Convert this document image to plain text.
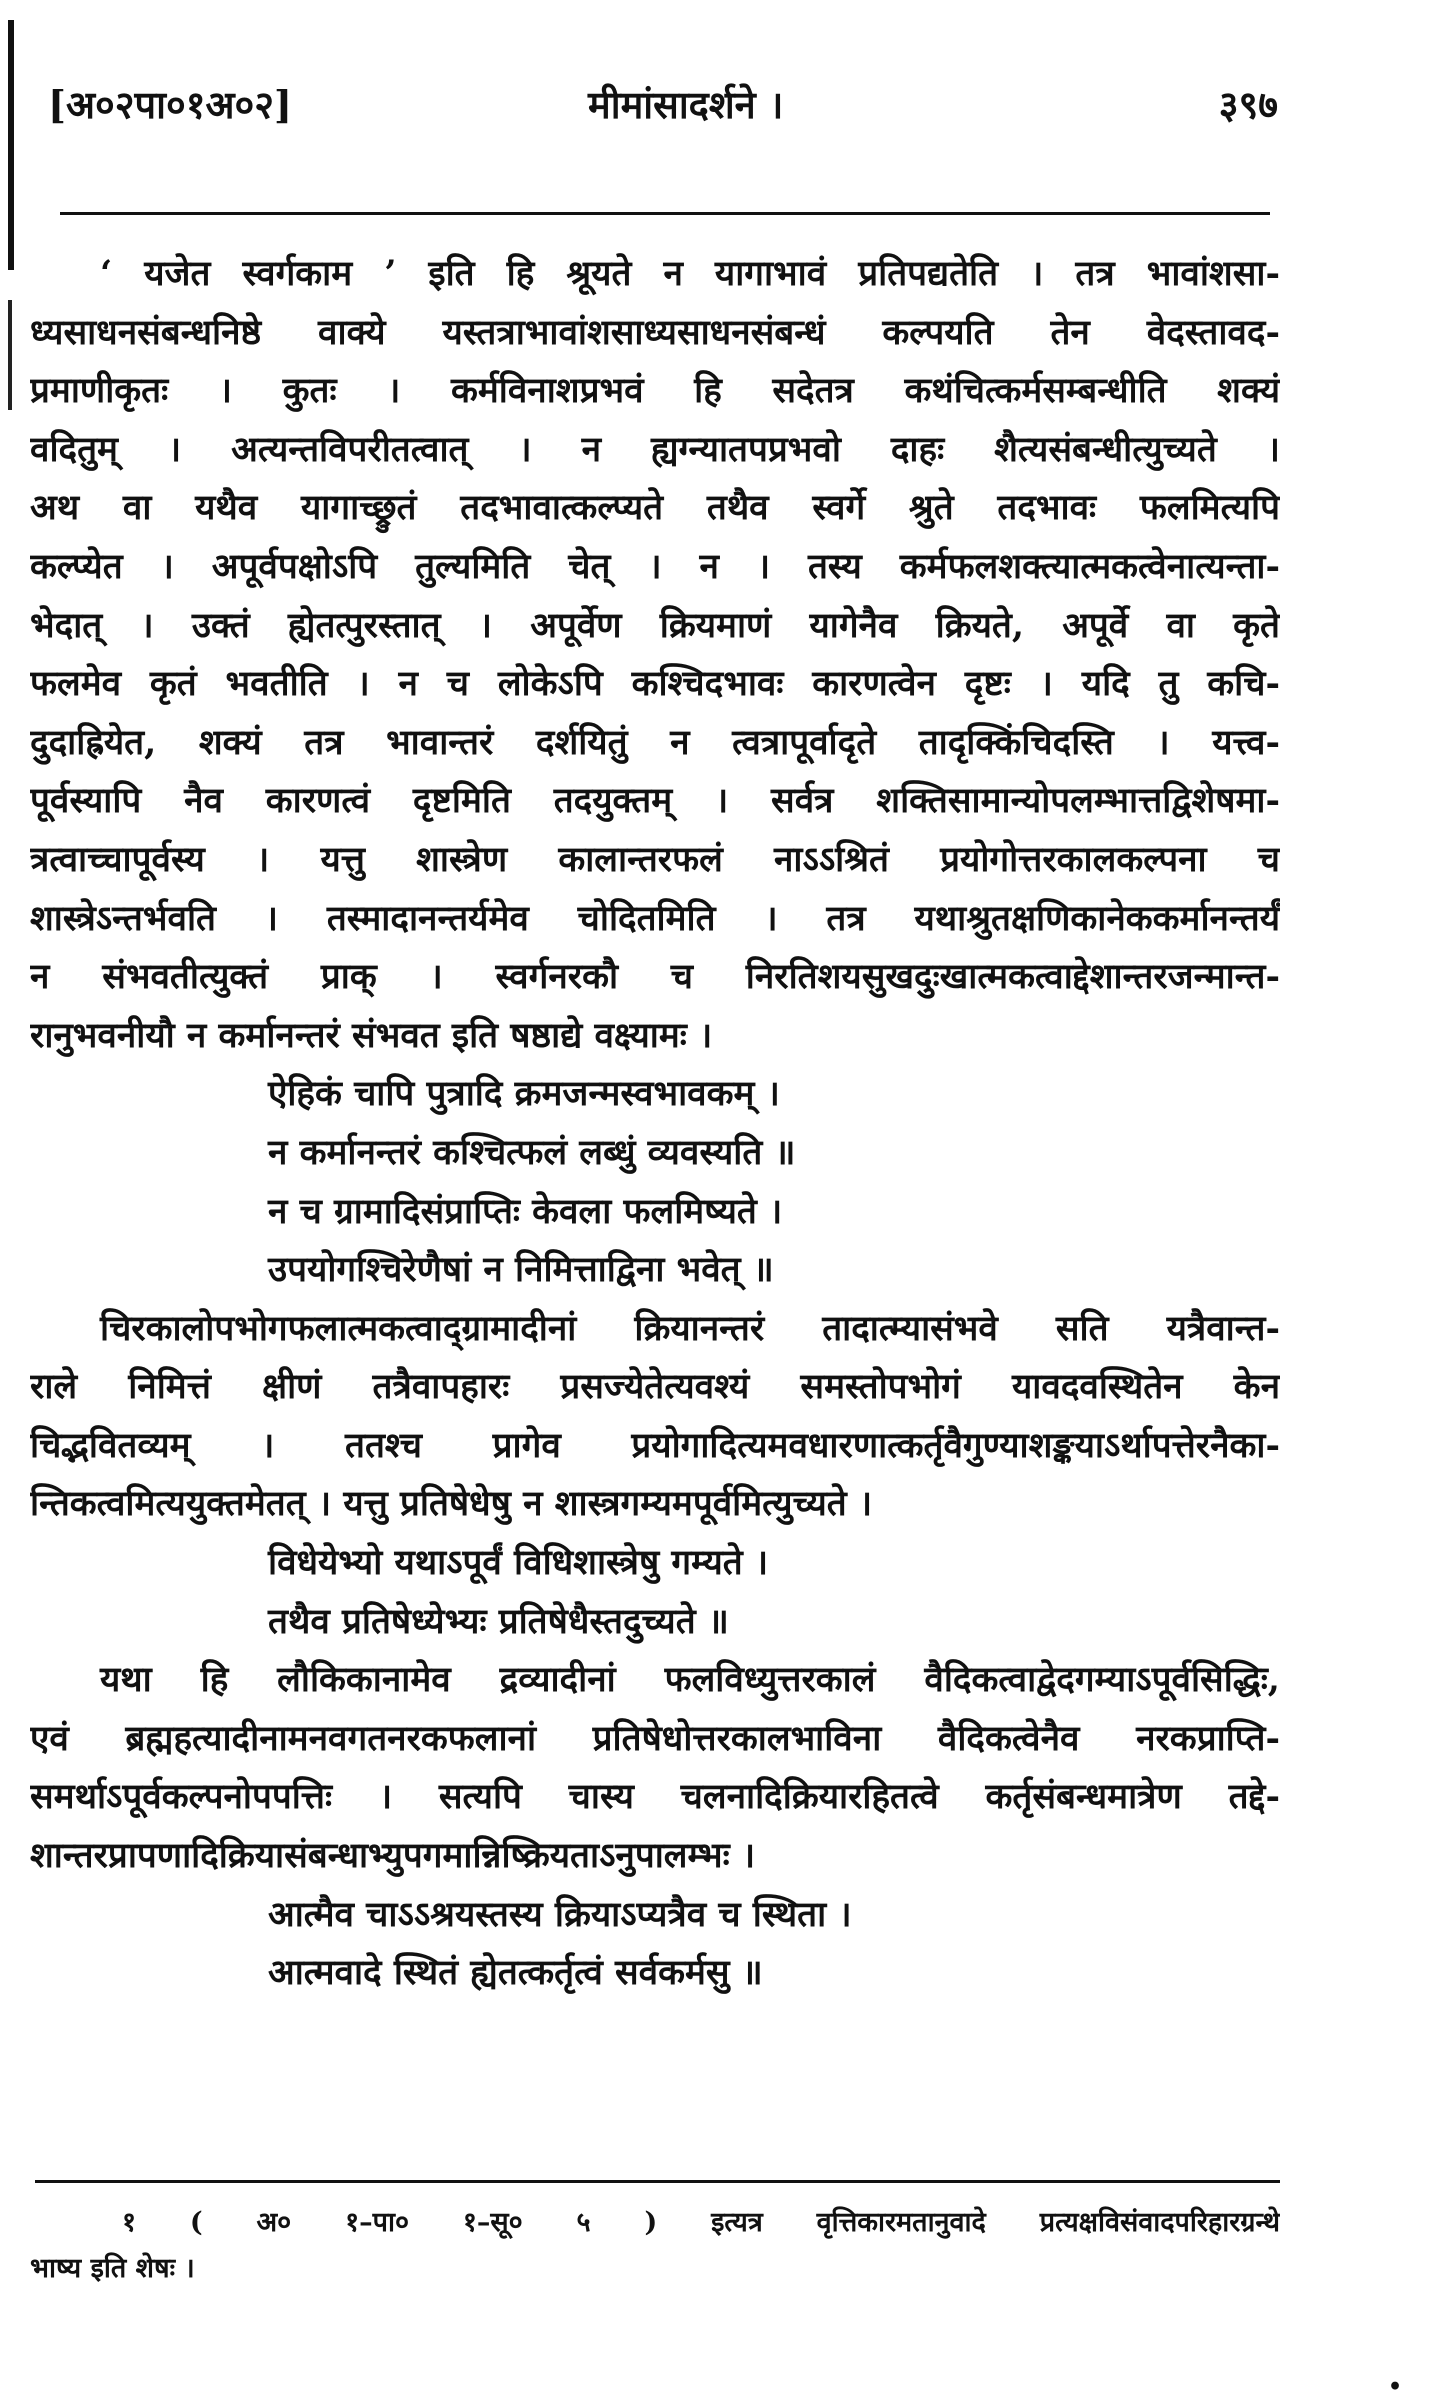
[अ०२पा०१अ०२]	मीमांसादर्शने ।	३९७
‘ यजेत स्वर्गकाम ’ इति हि श्रूयते न यागाभावं प्रतिपद्यतेति । तत्र भावांशसा-
ध्यसाधनसंबन्धनिष्ठे वाक्ये यस्तत्राभावांशसाध्यसाधनसंबन्धं कल्पयति तेन वेदस्तावद-
प्रमाणीकृतः । कुतः । कर्मविनाशप्रभवं हि सदेतत्र कथंचित्कर्मसम्बन्धीति शक्यं
वदितुम् । अत्यन्तविपरीतत्वात् । न ह्यग्न्यातपप्रभवो दाहः शैत्यसंबन्धीत्युच्यते ।
अथ वा यथैव यागाच्छ्रुतं तदभावात्कल्प्यते तथैव स्वर्गे श्रुते तदभावः फलमित्यपि
कल्प्येत । अपूर्वपक्षोऽपि तुल्यमिति चेत् । न । तस्य कर्मफलशक्त्यात्मकत्वेनात्यन्ता-
भेदात् । उक्तं ह्येतत्पुरस्तात् । अपूर्वेण क्रियमाणं यागेनैव क्रियते, अपूर्वे वा कृते
फलमेव कृतं भवतीति । न च लोकेऽपि कश्चिदभावः कारणत्वेन दृष्टः । यदि तु कचि-
दुदाह्रियेत, शक्यं तत्र भावान्तरं दर्शयितुं न त्वत्रापूर्वादृते तादृक्किंचिदस्ति । यत्त्व-
पूर्वस्यापि नैव कारणत्वं दृष्टमिति तदयुक्तम् । सर्वत्र शक्तिसामान्योपलम्भात्तद्विशेषमा-
त्रत्वाच्चापूर्वस्य । यत्तु शास्त्रेण कालान्तरफलं नाऽऽश्रितं प्रयोगोत्तरकालकल्पना च
शास्त्रेऽन्तर्भवति । तस्मादानन्तर्यमेव चोदितमिति । तत्र यथाश्रुतक्षणिकानेककर्मानन्तर्यं
न संभवतीत्युक्तं प्राक् । स्वर्गनरकौ च निरतिशयसुखदुःखात्मकत्वाद्देशान्तरजन्मान्त-
रानुभवनीयौ न कर्मानन्तरं संभवत इति षष्ठाद्ये वक्ष्यामः ।
ऐहिकं चापि पुत्रादि क्रमजन्मस्वभावकम् ।
न कर्मानन्तरं कश्चित्फलं लब्धुं व्यवस्यति ॥
न च ग्रामादिसंप्राप्तिः केवला फलमिष्यते ।
उपयोगश्चिरेणैषां न निमित्ताद्विना भवेत् ॥
चिरकालोपभोगफलात्मकत्वाद्ग्रामादीनां क्रियानन्तरं तादात्म्यासंभवे सति यत्रैवान्त-
राले निमित्तं क्षीणं तत्रैवापहारः प्रसज्येतेत्यवश्यं समस्तोपभोगं यावदवस्थितेन केन
चिद्भवितव्यम् । ततश्च प्रागेव प्रयोगादित्यमवधारणात्कर्तृवैगुण्याशङ्कयाऽर्थापत्तेरनैका-
न्तिकत्वमित्ययुक्तमेतत् । यत्तु प्रतिषेधेषु न शास्त्रगम्यमपूर्वमित्युच्यते ।
विधेयेभ्यो यथाऽपूर्वं विधिशास्त्रेषु गम्यते ।
तथैव प्रतिषेध्येभ्यः प्रतिषेधैस्तदुच्यते ॥
यथा हि लौकिकानामेव द्रव्यादीनां फलविध्युत्तरकालं वैदिकत्वाद्वेदगम्याऽपूर्वसिद्धिः,
एवं ब्रह्महत्यादीनामनवगतनरकफलानां प्रतिषेधोत्तरकालभाविना वैदिकत्वेनैव नरकप्राप्ति-
समर्थाऽपूर्वकल्पनोपपत्तिः । सत्यपि चास्य चलनादिक्रियारहितत्वे कर्तृसंबन्धमात्रेण तद्दे-
शान्तरप्रापणादिक्रियासंबन्धाभ्युपगमान्निष्क्रियताऽनुपालम्भः ।
आत्मैव चाऽऽश्रयस्तस्य क्रियाऽप्यत्रैव च स्थिता ।
आत्मवादे स्थितं ह्येतत्कर्तृत्वं सर्वकर्मसु ॥
१ ( अ० १–पा० १–सू० ५ ) इत्यत्र वृत्तिकारमतानुवादे प्रत्यक्षविसंवादपरिहारग्रन्थे
भाष्य इति शेषः ।
•
